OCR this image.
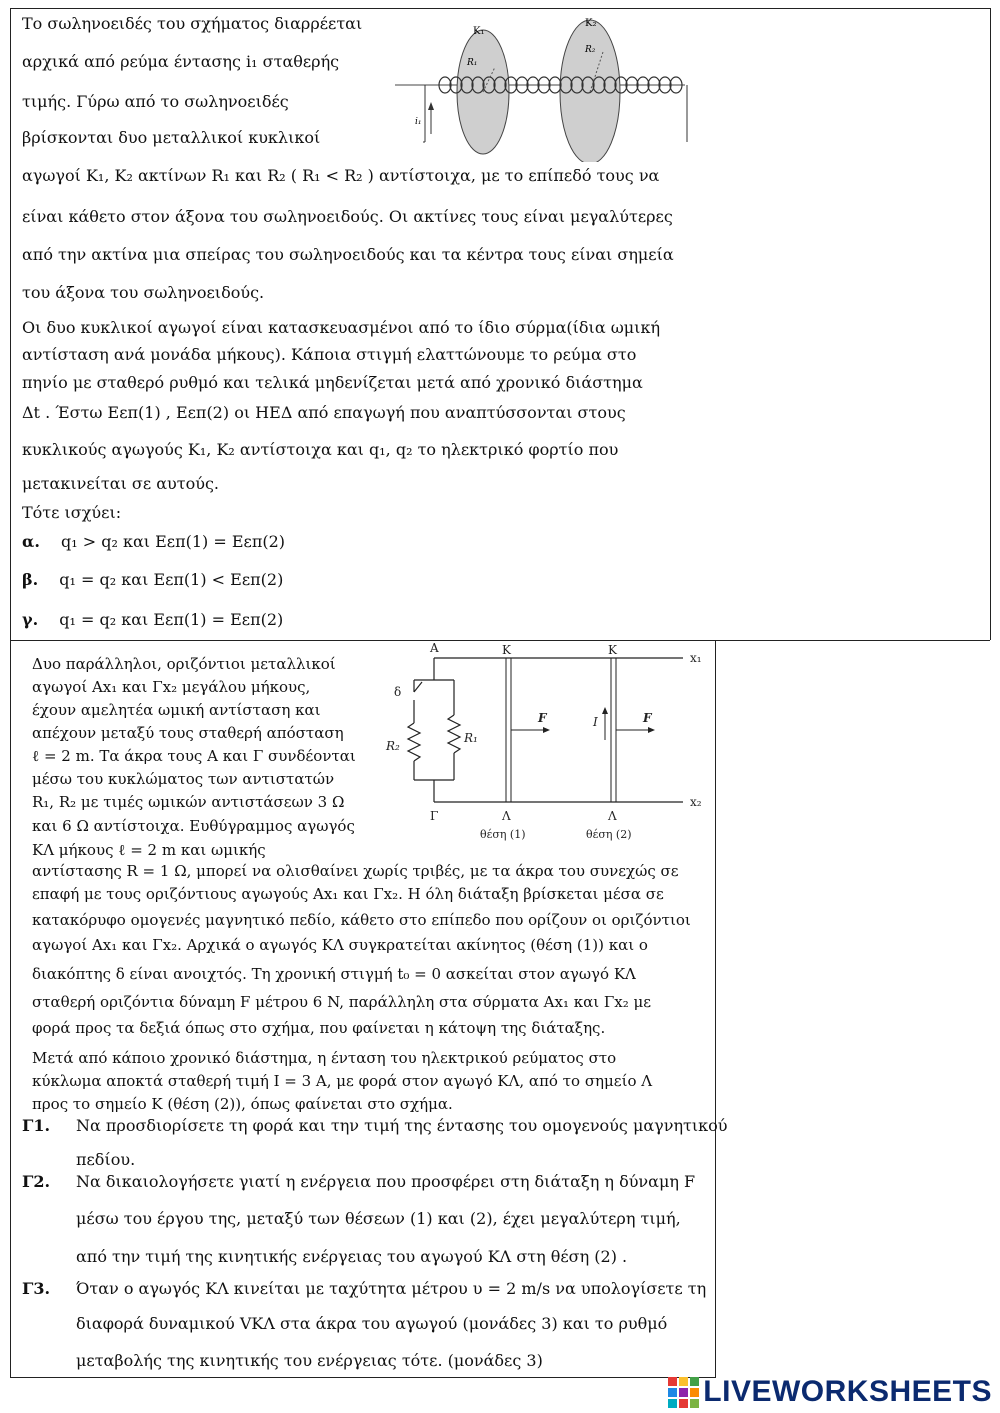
Το σωληνοειδές του σχήματος διαρρέεται
αρχικά από ρεύμα έντασης i₁ σταθερής
τιμής. Γύρω από το σωληνοειδές
βρίσκονται δυο μεταλλικοί κυκλικοί
αγωγοί K₁, K₂ ακτίνων R₁ και R₂ ( R₁ < R₂ ) αντίστοιχα, με το επίπεδό τους να
είναι κάθετο στον άξονα του σωληνοειδούς. Οι ακτίνες τους είναι μεγαλύτερες
από την ακτίνα μια σπείρας του σωληνοειδούς και τα κέντρα τους είναι σημεία
του άξονα του σωληνοειδούς.
Οι δυο κυκλικοί αγωγοί είναι κατασκευασμένοι από το ίδιο σύρμα(ίδια ωμική
αντίσταση ανά μονάδα μήκους). Κάποια στιγμή ελαττώνουμε το ρεύμα στο
πηνίο με σταθερό ρυθμό και τελικά μηδενίζεται μετά από χρονικό διάστημα
Δt . Έστω Eεπ(1) , Eεπ(2) οι ΗΕΔ από επαγωγή που αναπτύσσονται στους
κυκλικούς αγωγούς K₁, K₂ αντίστοιχα και q₁, q₂ το ηλεκτρικό φορτίο που
μετακινείται σε αυτούς.
Τότε ισχύει:
α. q₁ > q₂ και Eεπ(1) = Eεπ(2)
β. q₁ = q₂ και Eεπ(1) < Eεπ(2)
γ. q₁ = q₂ και Eεπ(1) = Eεπ(2)
K₁
K₂
R₁
R₂
i₁
Δυο παράλληλοι, οριζόντιοι μεταλλικοί
αγωγοί Αx₁ και Γx₂ μεγάλου μήκους,
έχουν αμελητέα ωμική αντίσταση και
απέχουν μεταξύ τους σταθερή απόσταση
ℓ = 2 m. Τα άκρα τους Α και Γ συνδέονται
μέσω του κυκλώματος των αντιστατών
R₁, R₂ με τιμές ωμικών αντιστάσεων 3 Ω
και 6 Ω αντίστοιχα. Ευθύγραμμος αγωγός
ΚΛ μήκους ℓ = 2 m και ωμικής
αντίστασης R = 1 Ω, μπορεί να ολισθαίνει χωρίς τριβές, με τα άκρα του συνεχώς σε
επαφή με τους οριζόντιους αγωγούς Αx₁ και Γx₂. Η όλη διάταξη βρίσκεται μέσα σε
κατακόρυφο ομογενές μαγνητικό πεδίο, κάθετο στο επίπεδο που ορίζουν οι οριζόντιοι
αγωγοί Αx₁ και Γx₂. Αρχικά ο αγωγός ΚΛ συγκρατείται ακίνητος (θέση (1)) και ο
διακόπτης δ είναι ανοιχτός. Τη χρονική στιγμή t₀ = 0 ασκείται στον αγωγό ΚΛ
σταθερή οριζόντια δύναμη F μέτρου 6 N, παράλληλη στα σύρματα Αx₁ και Γx₂ με
φορά προς τα δεξιά όπως στο σχήμα, που φαίνεται η κάτοψη της διάταξης.
Μετά από κάποιο χρονικό διάστημα, η ένταση του ηλεκτρικού ρεύματος στο
κύκλωμα αποκτά σταθερή τιμή I = 3 A, με φορά στον αγωγό ΚΛ, από το σημείο Λ
προς το σημείο Κ (θέση (2)), όπως φαίνεται στο σχήμα.
Γ1. Να προσδιορίσετε τη φορά και την τιμή της έντασης του ομογενούς μαγνητικού
πεδίου.
Γ2. Να δικαιολογήσετε γιατί η ενέργεια που προσφέρει στη διάταξη η δύναμη F
μέσω του έργου της, μεταξύ των θέσεων (1) και (2), έχει μεγαλύτερη τιμή,
από την τιμή της κινητικής ενέργειας του αγωγού ΚΛ στη θέση (2) .
Γ3. Όταν ο αγωγός ΚΛ κινείται με ταχύτητα μέτρου υ = 2 m/s να υπολογίσετε τη
διαφορά δυναμικού VΚΛ στα άκρα του αγωγού (μονάδες 3) και το ρυθμό
μεταβολής της κινητικής του ενέργειας τότε. (μονάδες 3)
Α
Γ
Κ	Κ
Λ	Λ
x₁
x₂
δ
R₁
R₂
F	F
I
θέση (1)	θέση (2)
LIVEWORKSHEETS
